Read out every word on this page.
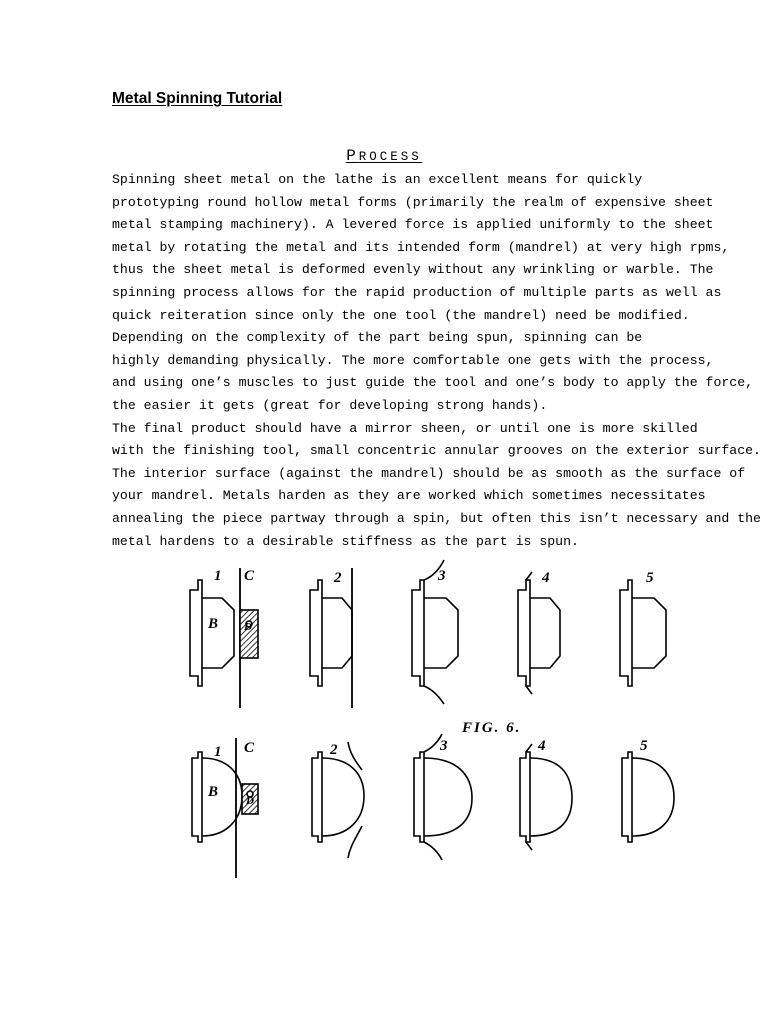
Metal Spinning Tutorial
PROCESS
Spinning sheet metal on the lathe is an excellent means for quickly
prototyping round hollow metal forms (primarily the realm of expensive sheet
metal stamping machinery). A levered force is applied uniformly to the sheet
metal by rotating the metal and its intended form (mandrel) at very high rpms,
thus the sheet metal is deformed evenly without any wrinkling or warble. The
spinning process allows for the rapid production of multiple parts as well as
quick reiteration since only the one tool (the mandrel) need be modified.
Depending on the complexity of the part being spun, spinning can be
highly demanding physically. The more comfortable one gets with the process,
and using one’s muscles to just guide the tool and one’s body to apply the force,
the easier it gets (great for developing strong hands).
The final product should have a mirror sheen, or until one is more skilled
with the finishing tool, small concentric annular grooves on the exterior surface.
The interior surface (against the mandrel) should be as smooth as the surface of
your mandrel. Metals harden as they are worked which sometimes necessitates
annealing the piece partway through a spin, but often this isn’t necessary and the
metal hardens to a desirable stiffness as the part is spun.
1 C	2	3	4	5
B D
FIG. 6.
1 C	2	3	4	5
B
D
